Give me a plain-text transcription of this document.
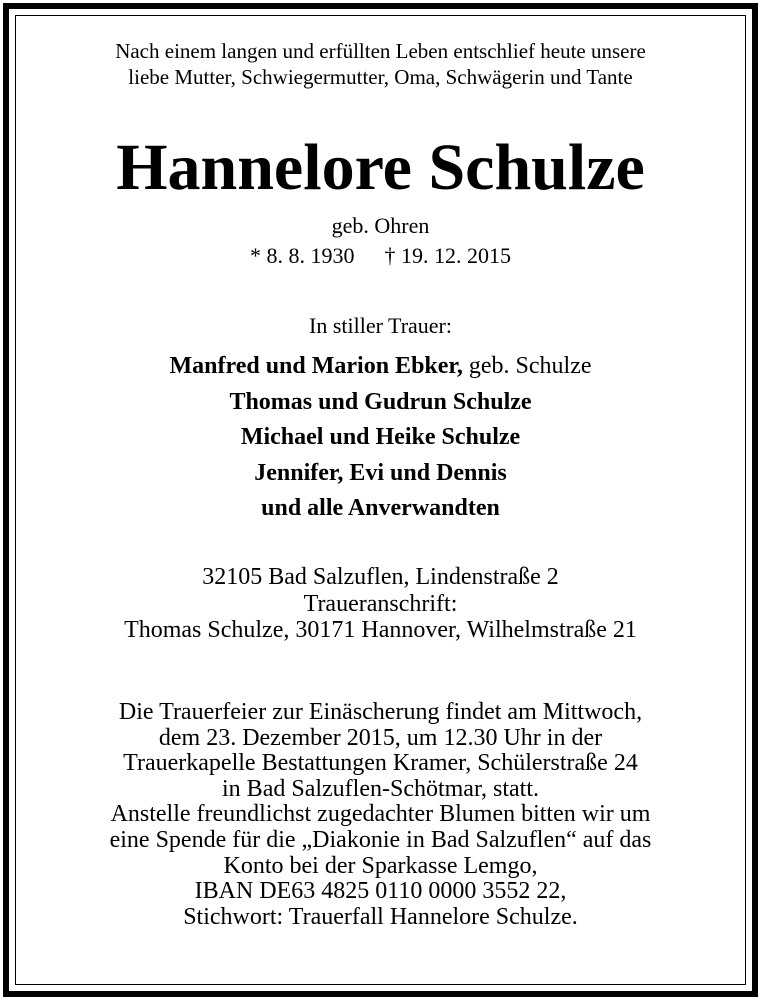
Nach einem langen und erfüllten Leben entschlief heute unsere
liebe Mutter, Schwiegermutter, Oma, Schwägerin und Tante
Hannelore Schulze
geb. Ohren
* 8. 8. 1930 † 19. 12. 2015
In stiller Trauer:
Manfred und Marion Ebker, geb. Schulze
Thomas und Gudrun Schulze
Michael und Heike Schulze
Jennifer, Evi und Dennis
und alle Anverwandten
32105 Bad Salzuflen, Lindenstraße 2
Traueranschrift:
Thomas Schulze, 30171 Hannover, Wilhelmstraße 21
Die Trauerfeier zur Einäscherung findet am Mittwoch,
dem 23. Dezember 2015, um 12.30 Uhr in der
Trauerkapelle Bestattungen Kramer, Schülerstraße 24
in Bad Salzuflen-Schötmar, statt.
Anstelle freundlichst zugedachter Blumen bitten wir um
eine Spende für die „Diakonie in Bad Salzuflen“ auf das
Konto bei der Sparkasse Lemgo,
IBAN DE63 4825 0110 0000 3552 22,
Stichwort: Trauerfall Hannelore Schulze.
